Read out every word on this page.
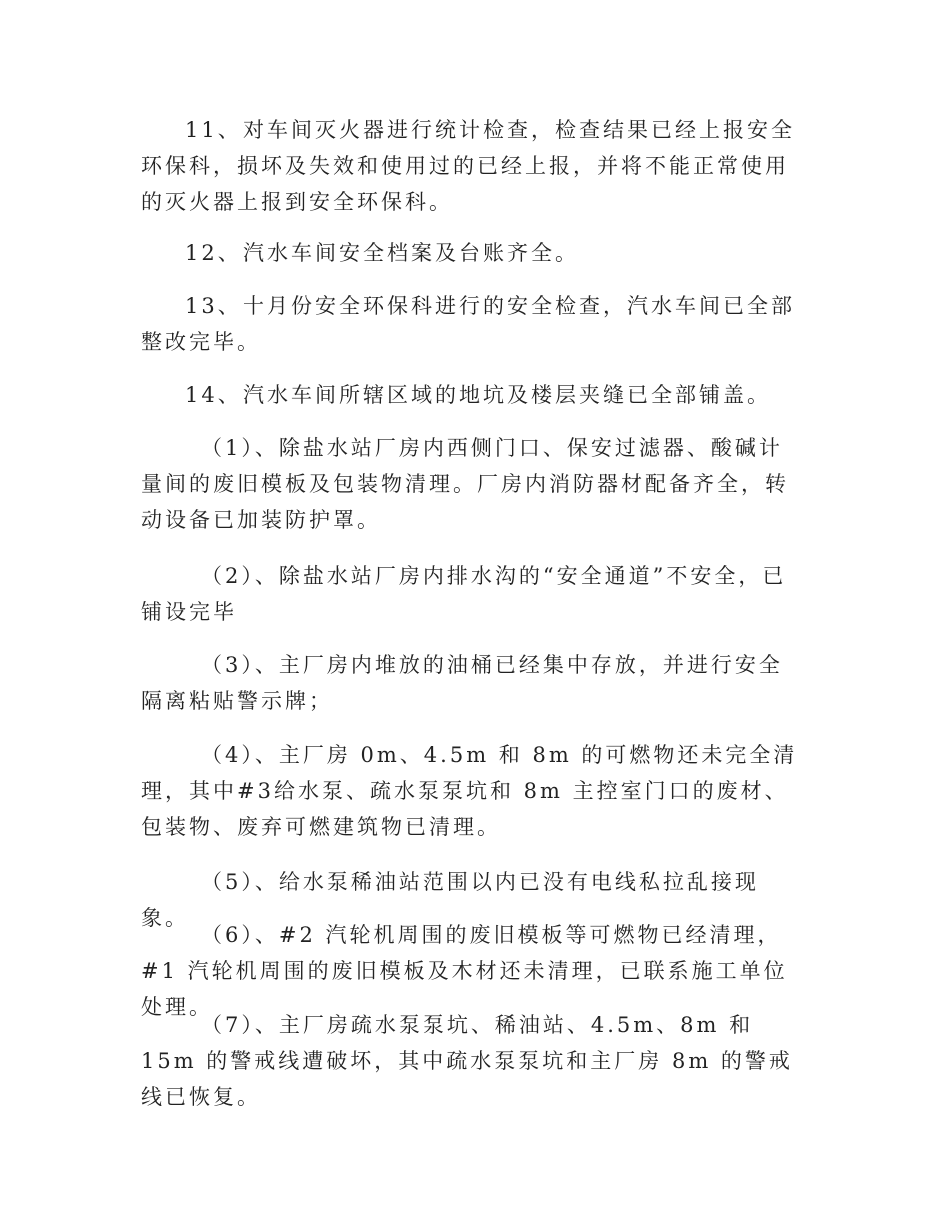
11、对车间灭火器进行统计检查，检查结果已经上报安全环保科，损坏及失效和使用过的已经上报，并将不能正常使用的灭火器上报到安全环保科。

12、汽水车间安全档案及台账齐全。

13、十月份安全环保科进行的安全检查，汽水车间已全部整改完毕。

14、汽水车间所辖区域的地坑及楼层夹缝已全部铺盖。

（1）、除盐水站厂房内西侧门口、保安过滤器、酸碱计量间的废旧模板及包装物清理。厂房内消防器材配备齐全，转动设备已加装防护罩。

（2）、除盐水站厂房内排水沟的“安全通道”不安全，已铺设完毕

（3）、主厂房内堆放的油桶已经集中存放，并进行安全隔离粘贴警示牌；

（4）、主厂房 0m、4.5m 和 8m 的可燃物还未完全清理，其中#3给水泵、疏水泵泵坑和 8m 主控室门口的废材、包装物、废弃可燃建筑物已清理。

（5）、给水泵稀油站范围以内已没有电线私拉乱接现象。

（6）、#2 汽轮机周围的废旧模板等可燃物已经清理，#1 汽轮机周围的废旧模板及木材还未清理，已联系施工单位处理。

（7）、主厂房疏水泵泵坑、稀油站、4.5m、8m 和 15m 的警戒线遭破坏，其中疏水泵泵坑和主厂房 8m 的警戒线已恢复。
